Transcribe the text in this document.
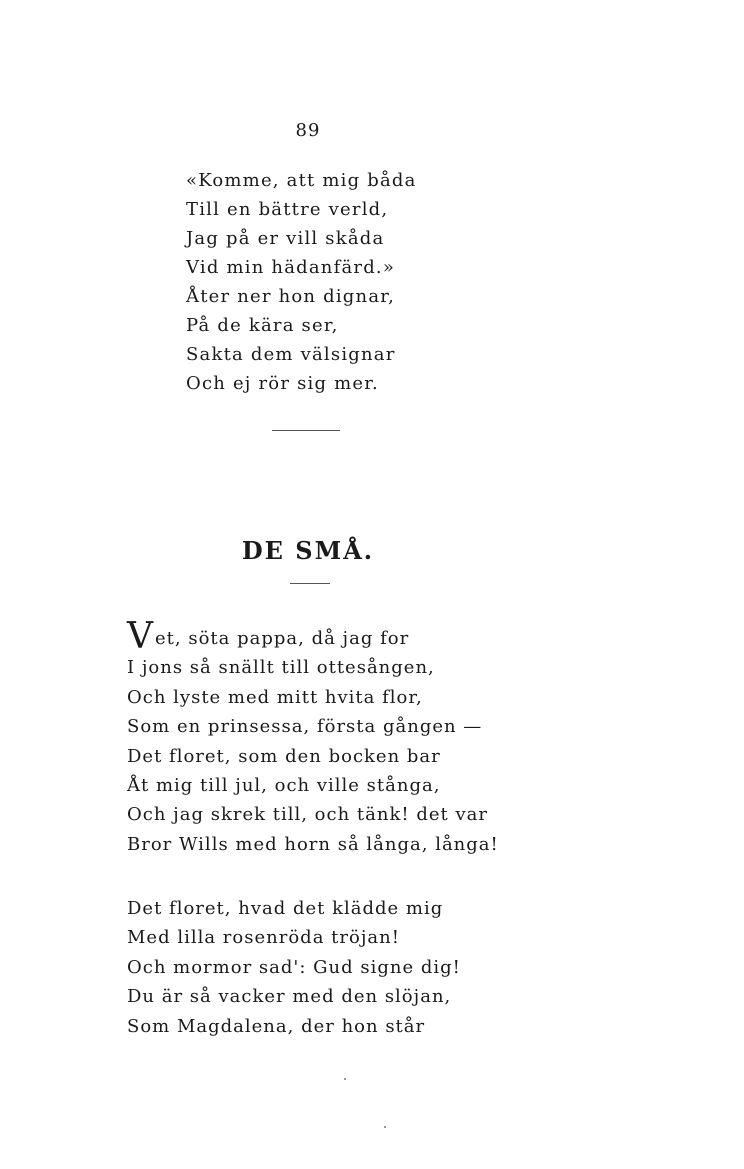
89
«Komme, att mig båda
Till en bättre verld,
Jag på er vill skåda
Vid min hädanfärd.»
Åter ner hon dignar,
På de kära ser,
Sakta dem välsignar
Och ej rör sig mer.
DE SMÅ.
Vet, söta pappa, då jag for
I jons så snällt till ottesången,
Och lyste med mitt hvita flor,
Som en prinsessa, första gången —
Det floret, som den bocken bar
Åt mig till jul, och ville stånga,
Och jag skrek till, och tänk! det var
Bror Wills med horn så långa, långa!
Det floret, hvad det klädde mig
Med lilla rosenröda tröjan!
Och mormor sad': Gud signe dig!
Du är så vacker med den slöjan,
Som Magdalena, der hon står
